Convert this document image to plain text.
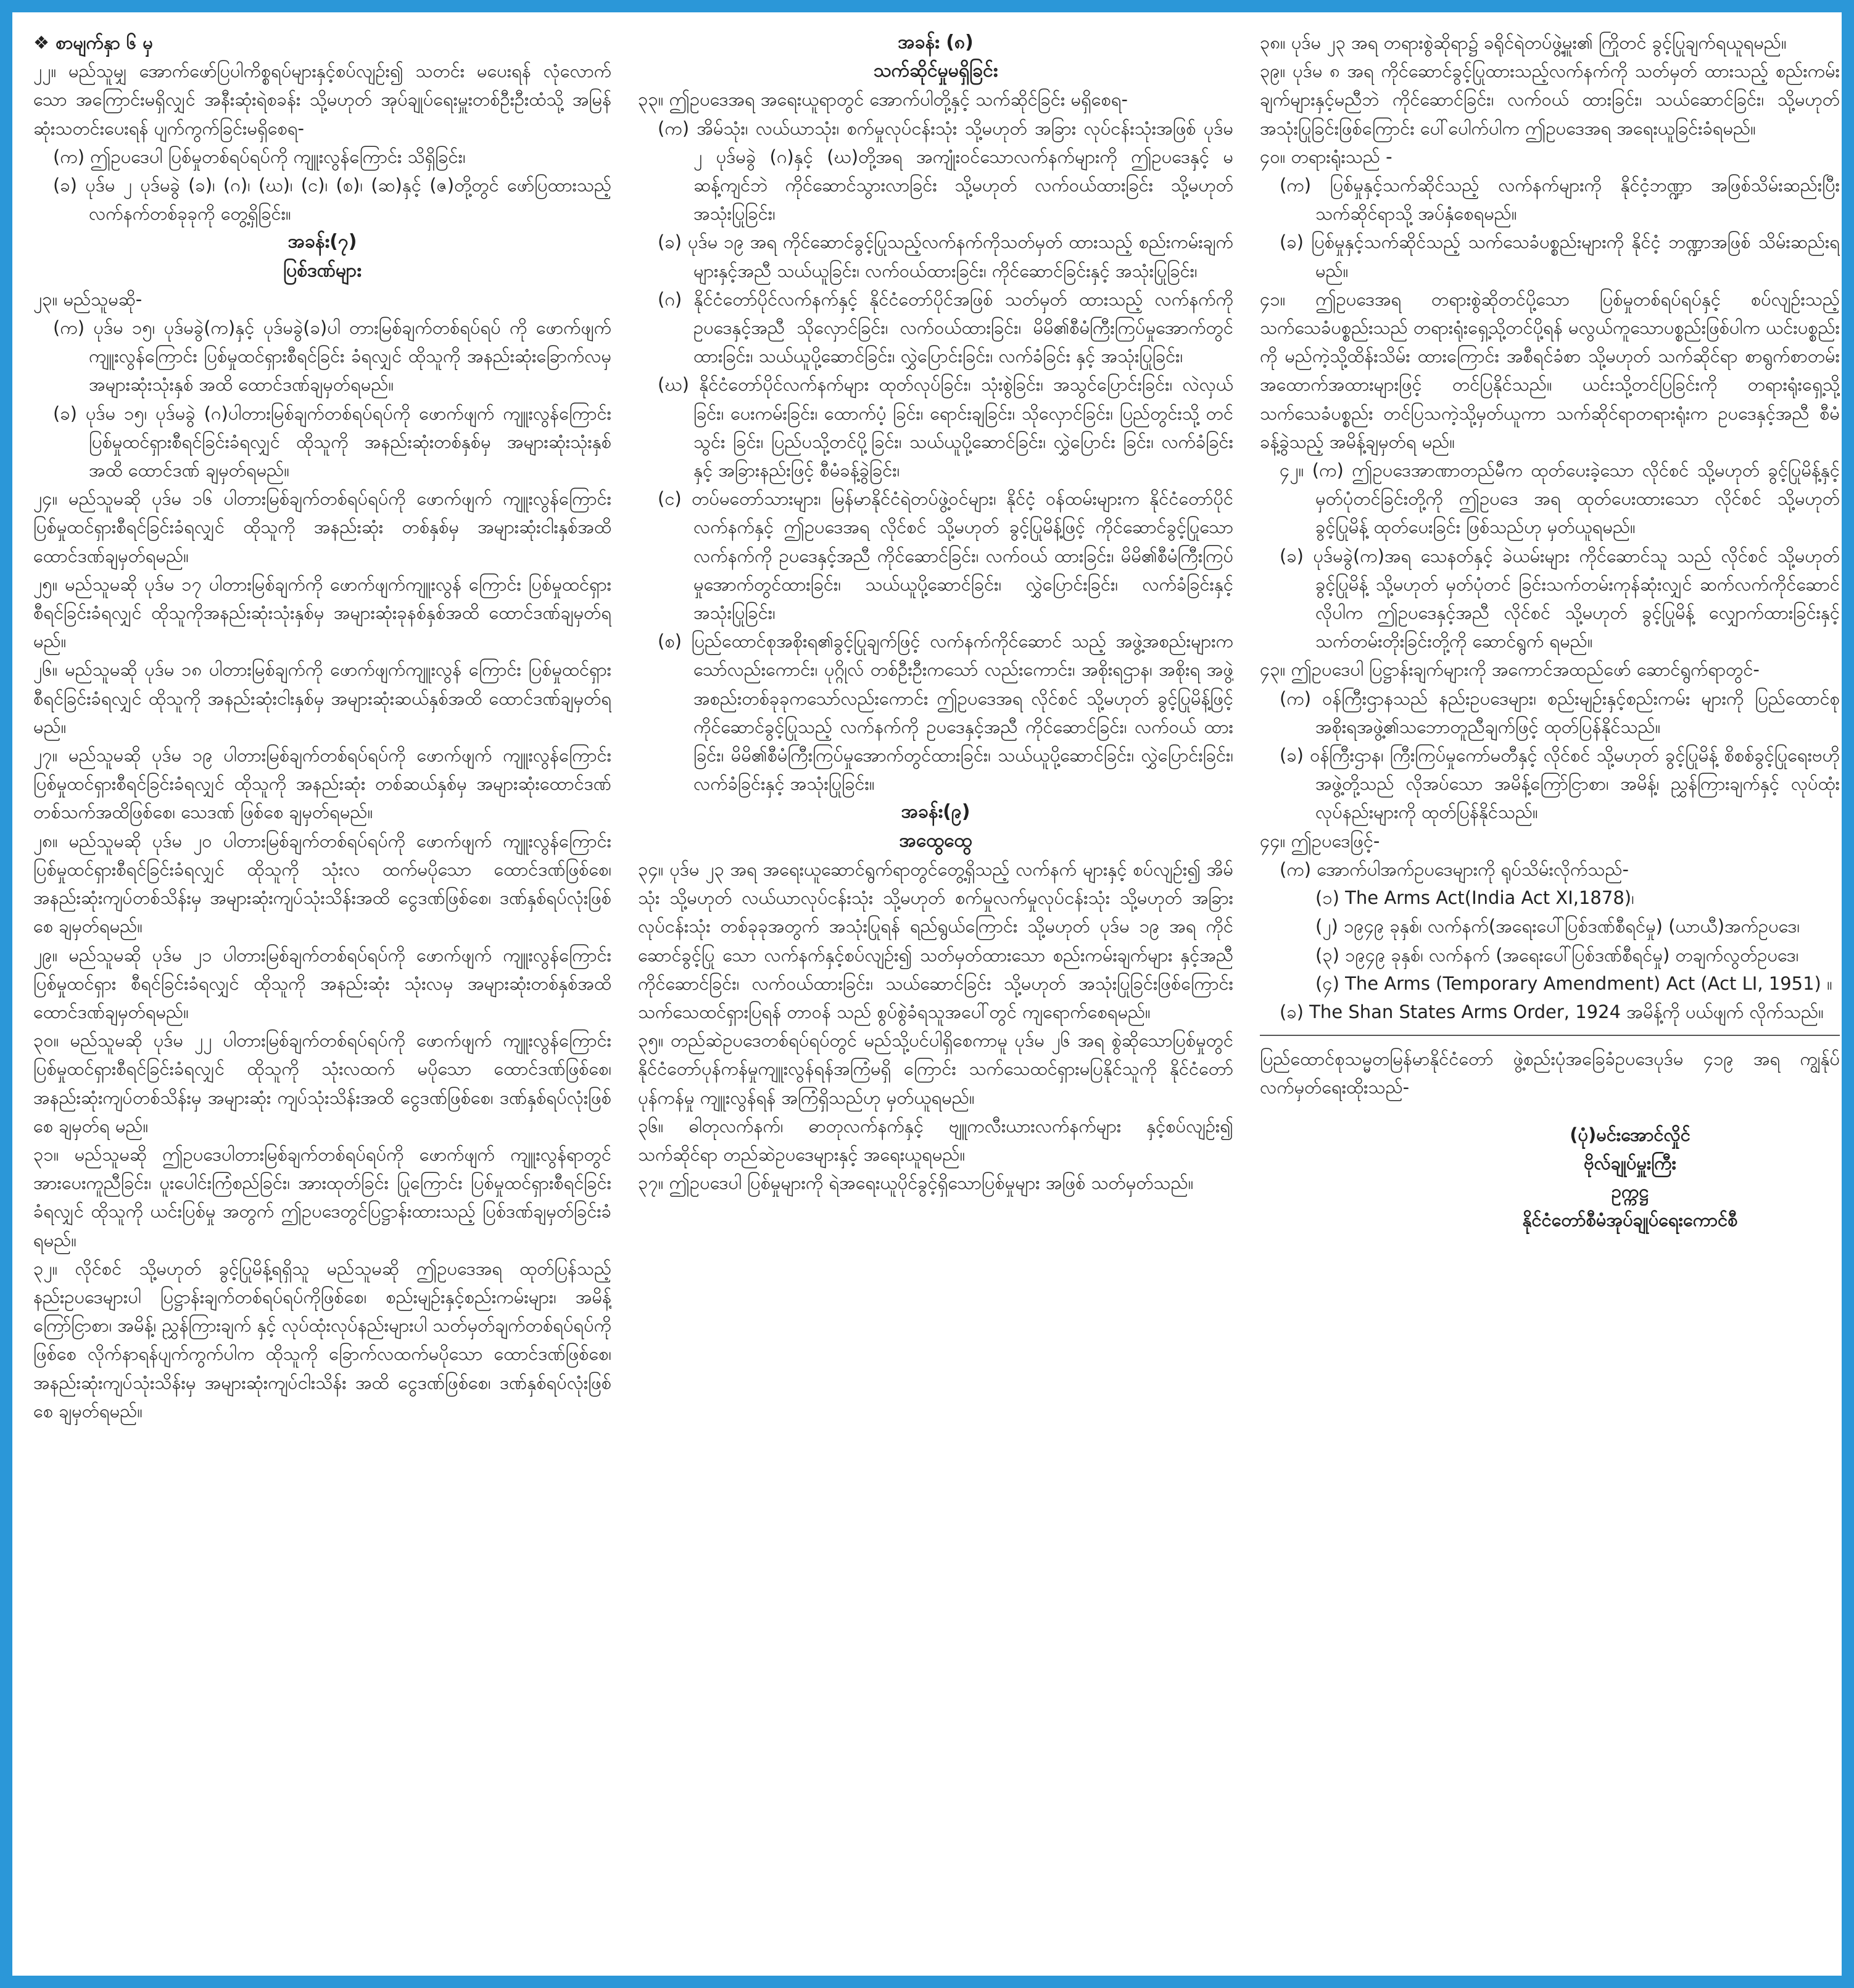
❖ စာမျက်နှာ ၆ မှ

၂၂။ မည်သူမျှ အောက်ဖော်ပြပါကိစ္စရပ်များနှင့်စပ်လျဉ်း၍ သတင်း မပေးရန် လုံလောက်သော အကြောင်းမရှိလျှင် အနီးဆုံးရဲစခန်း သို့မဟုတ် အုပ်ချုပ်ရေးမှူးတစ်ဦးဦးထံသို့ အမြန်ဆုံးသတင်းပေးရန် ပျက်ကွက်ခြင်းမရှိစေရ-

(က) ဤဥပဒေပါ ပြစ်မှုတစ်ရပ်ရပ်ကို ကျူးလွန်ကြောင်း သိရှိခြင်း၊

(ခ) ပုဒ်မ ၂ ပုဒ်မခွဲ (ခ)၊ (ဂ)၊ (ဃ)၊ (င)၊ (စ)၊ (ဆ)နှင့် (ဇ)တို့တွင် ဖော်ပြထားသည့် လက်နက်တစ်ခုခုကို တွေ့ရှိခြင်း။

အခန်း(၇)

ပြစ်ဒဏ်များ

၂၃။ မည်သူမဆို-

(က) ပုဒ်မ ၁၅၊ ပုဒ်မခွဲ(က)နှင့် ပုဒ်မခွဲ(ခ)ပါ တားမြစ်ချက်တစ်ရပ်ရပ် ကို ဖောက်ဖျက် ကျူးလွန်ကြောင်း ပြစ်မှုထင်ရှားစီရင်ခြင်း ခံရလျှင် ထိုသူကို အနည်းဆုံးခြောက်လမှ အများဆုံးသုံးနှစ် အထိ ထောင်ဒဏ်ချမှတ်ရမည်။

(ခ) ပုဒ်မ ၁၅၊ ပုဒ်မခွဲ (ဂ)ပါတားမြစ်ချက်တစ်ရပ်ရပ်ကို ဖောက်ဖျက် ကျူးလွန်ကြောင်း ပြစ်မှုထင်ရှားစီရင်ခြင်းခံရလျှင် ထိုသူကို အနည်းဆုံးတစ်နှစ်မှ အများဆုံးသုံးနှစ်အထိ ထောင်ဒဏ် ချမှတ်ရမည်။

၂၄။ မည်သူမဆို ပုဒ်မ ၁၆ ပါတားမြစ်ချက်တစ်ရပ်ရပ်ကို ဖောက်ဖျက် ကျူးလွန်ကြောင်း ပြစ်မှုထင်ရှားစီရင်ခြင်းခံရလျှင် ထိုသူကို အနည်းဆုံး တစ်နှစ်မှ အများဆုံးငါးနှစ်အထိ ထောင်ဒဏ်ချမှတ်ရမည်။

၂၅။ မည်သူမဆို ပုဒ်မ ၁၇ ပါတားမြစ်ချက်ကို ဖောက်ဖျက်ကျူးလွန် ကြောင်း ပြစ်မှုထင်ရှားစီရင်ခြင်းခံရလျှင် ထိုသူကိုအနည်းဆုံးသုံးနှစ်မှ အများဆုံးခုနစ်နှစ်အထိ ထောင်ဒဏ်ချမှတ်ရမည်။

၂၆။ မည်သူမဆို ပုဒ်မ ၁၈ ပါတားမြစ်ချက်ကို ဖောက်ဖျက်ကျူးလွန် ကြောင်း ပြစ်မှုထင်ရှားစီရင်ခြင်းခံရလျှင် ထိုသူကို အနည်းဆုံးငါးနှစ်မှ အများဆုံးဆယ်နှစ်အထိ ထောင်ဒဏ်ချမှတ်ရမည်။

၂၇။ မည်သူမဆို ပုဒ်မ ၁၉ ပါတားမြစ်ချက်တစ်ရပ်ရပ်ကို ဖောက်ဖျက် ကျူးလွန်ကြောင်း ပြစ်မှုထင်ရှားစီရင်ခြင်းခံရလျှင် ထိုသူကို အနည်းဆုံး တစ်ဆယ်နှစ်မှ အများဆုံးထောင်ဒဏ်တစ်သက်အထိဖြစ်စေ၊ သေဒဏ် ဖြစ်စေ ချမှတ်ရမည်။

၂၈။ မည်သူမဆို ပုဒ်မ ၂၀ ပါတားမြစ်ချက်တစ်ရပ်ရပ်ကို ဖောက်ဖျက် ကျူးလွန်ကြောင်း ပြစ်မှုထင်ရှားစီရင်ခြင်းခံရလျှင် ထိုသူကို သုံးလ ထက်မပိုသော ထောင်ဒဏ်ဖြစ်စေ၊ အနည်းဆုံးကျပ်တစ်သိန်းမှ အများဆုံးကျပ်သုံးသိန်းအထိ ငွေဒဏ်ဖြစ်စေ၊ ဒဏ်နှစ်ရပ်လုံးဖြစ်စေ ချမှတ်ရမည်။

၂၉။ မည်သူမဆို ပုဒ်မ ၂၁ ပါတားမြစ်ချက်တစ်ရပ်ရပ်ကို ဖောက်ဖျက် ကျူးလွန်ကြောင်း ပြစ်မှုထင်ရှား စီရင်ခြင်းခံရလျှင် ထိုသူကို အနည်းဆုံး သုံးလမှ အများဆုံးတစ်နှစ်အထိ ထောင်ဒဏ်ချမှတ်ရမည်။

၃၀။ မည်သူမဆို ပုဒ်မ ၂၂ ပါတားမြစ်ချက်တစ်ရပ်ရပ်ကို ဖောက်ဖျက် ကျူးလွန်ကြောင်း ပြစ်မှုထင်ရှားစီရင်ခြင်းခံရလျှင် ထိုသူကို သုံးလထက် မပိုသော ထောင်ဒဏ်ဖြစ်စေ၊ အနည်းဆုံးကျပ်တစ်သိန်းမှ အများဆုံး ကျပ်သုံးသိန်းအထိ ငွေဒဏ်ဖြစ်စေ၊ ဒဏ်နှစ်ရပ်လုံးဖြစ်စေ ချမှတ်ရ မည်။

၃၁။ မည်သူမဆို ဤဥပဒေပါတားမြစ်ချက်တစ်ရပ်ရပ်ကို ဖောက်ဖျက် ကျူးလွန်ရာတွင် အားပေးကူညီခြင်း၊ ပူးပေါင်းကြံစည်ခြင်း၊ အားထုတ်ခြင်း ပြုကြောင်း ပြစ်မှုထင်ရှားစီရင်ခြင်းခံရလျှင် ထိုသူကို ယင်းပြစ်မှု အတွက် ဤဥပဒေတွင်ပြဋ္ဌာန်းထားသည့် ပြစ်ဒဏ်ချမှတ်ခြင်းခံရမည်။

၃၂။ လိုင်စင် သို့မဟုတ် ခွင့်ပြုမိန့်ရရှိသူ မည်သူမဆို ဤဥပဒေအရ ထုတ်ပြန်သည့် နည်းဥပဒေများပါ ပြဋ္ဌာန်းချက်တစ်ရပ်ရပ်ကိုဖြစ်စေ၊ စည်းမျဉ်းနှင့်စည်းကမ်းများ၊ အမိန့်ကြော်ငြာစာ၊ အမိန့်၊ ညွှန်ကြားချက် နှင့် လုပ်ထုံးလုပ်နည်းများပါ သတ်မှတ်ချက်တစ်ရပ်ရပ်ကိုဖြစ်စေ လိုက်နာရန်ပျက်ကွက်ပါက ထိုသူကို ခြောက်လထက်မပိုသော ထောင်ဒဏ်ဖြစ်စေ၊ အနည်းဆုံးကျပ်သုံးသိန်းမှ အများဆုံးကျပ်ငါးသိန်း အထိ ငွေဒဏ်ဖြစ်စေ၊ ဒဏ်နှစ်ရပ်လုံးဖြစ်စေ ချမှတ်ရမည်။

အခန်း (၈)

သက်ဆိုင်မှုမရှိခြင်း

၃၃။ ဤဥပဒေအရ အရေးယူရာတွင် အောက်ပါတို့နှင့် သက်ဆိုင်ခြင်း မရှိစေရ-

(က) အိမ်သုံး၊ လယ်ယာသုံး၊ စက်မှုလုပ်ငန်းသုံး သို့မဟုတ် အခြား လုပ်ငန်းသုံးအဖြစ် ပုဒ်မ ၂ ပုဒ်မခွဲ (ဂ)နှင့် (ဃ)တို့အရ အကျုံးဝင်သောလက်နက်များကို ဤဥပဒေနှင့် မဆန့်ကျင်ဘဲ ကိုင်ဆောင်သွားလာခြင်း သို့မဟုတ် လက်ဝယ်ထားခြင်း သို့မဟုတ် အသုံးပြုခြင်း၊

(ခ) ပုဒ်မ ၁၉ အရ ကိုင်ဆောင်ခွင့်ပြုသည့်လက်နက်ကိုသတ်မှတ် ထားသည့် စည်းကမ်းချက်များနှင့်အညီ သယ်ယူခြင်း၊ လက်ဝယ်ထားခြင်း၊ ကိုင်ဆောင်ခြင်းနှင့် အသုံးပြုခြင်း၊

(ဂ) နိုင်ငံတော်ပိုင်လက်နက်နှင့် နိုင်ငံတော်ပိုင်အဖြစ် သတ်မှတ် ထားသည့် လက်နက်ကို ဥပဒေနှင့်အညီ သိုလှောင်ခြင်း၊ လက်ဝယ်ထားခြင်း၊ မိမိ၏စီမံကြီးကြပ်မှုအောက်တွင် ထားခြင်း၊ သယ်ယူပို့ဆောင်ခြင်း၊ လွှဲပြောင်းခြင်း၊ လက်ခံခြင်း နှင့် အသုံးပြုခြင်း၊

(ဃ) နိုင်ငံတော်ပိုင်လက်နက်များ ထုတ်လုပ်ခြင်း၊ သုံးစွဲခြင်း၊ အသွင်ပြောင်းခြင်း၊ လဲလှယ်ခြင်း၊ ပေးကမ်းခြင်း၊ ထောက်ပံ့ ခြင်း၊ ရောင်းချခြင်း၊ သိုလှောင်ခြင်း၊ ပြည်တွင်းသို့ တင်သွင်း ခြင်း၊ ပြည်ပသို့တင်ပို့ခြင်း၊ သယ်ယူပို့ဆောင်ခြင်း၊ လွှဲပြောင်း ခြင်း၊ လက်ခံခြင်းနှင့် အခြားနည်းဖြင့် စီမံခန့်ခွဲခြင်း၊

(င) တပ်မတော်သားများ၊ မြန်မာနိုင်ငံရဲတပ်ဖွဲ့ဝင်များ၊ နိုင်ငံ့ ဝန်ထမ်းများက နိုင်ငံတော်ပိုင်လက်နက်နှင့် ဤဥပဒေအရ လိုင်စင် သို့မဟုတ် ခွင့်ပြုမိန့်ဖြင့် ကိုင်ဆောင်ခွင့်ပြုသော လက်နက်ကို ဥပဒေနှင့်အညီ ကိုင်ဆောင်ခြင်း၊ လက်ဝယ် ထားခြင်း၊ မိမိ၏စီမံကြီးကြပ်မှုအောက်တွင်ထားခြင်း၊ သယ်ယူပို့ဆောင်ခြင်း၊ လွှဲပြောင်းခြင်း၊ လက်ခံခြင်းနှင့် အသုံးပြုခြင်း၊

(စ) ပြည်ထောင်စုအစိုးရ၏ခွင့်ပြုချက်ဖြင့် လက်နက်ကိုင်ဆောင် သည့် အဖွဲ့အစည်းများကသော်လည်းကောင်း၊ ပုဂ္ဂိုလ် တစ်ဦးဦးကသော် လည်းကောင်း၊ အစိုးရဌာန၊ အစိုးရ အဖွဲ့ အစည်းတစ်ခုခုကသော်လည်းကောင်း ဤဥပဒေအရ လိုင်စင် သို့မဟုတ် ခွင့်ပြုမိန့်ဖြင့် ကိုင်ဆောင်ခွင့်ပြုသည့် လက်နက်ကို ဥပဒေနှင့်အညီ ကိုင်ဆောင်ခြင်း၊ လက်ဝယ် ထားခြင်း၊ မိမိ၏စီမံကြီးကြပ်မှုအောက်တွင်ထားခြင်း၊ သယ်ယူပို့ဆောင်ခြင်း၊ လွှဲပြောင်းခြင်း၊ လက်ခံခြင်းနှင့် အသုံးပြုခြင်း။

အခန်း(၉)

အထွေထွေ

၃၄။ ပုဒ်မ ၂၃ အရ အရေးယူဆောင်ရွက်ရာတွင်တွေ့ရှိသည့် လက်နက် များနှင့် စပ်လျဉ်း၍ အိမ်သုံး သို့မဟုတ် လယ်ယာလုပ်ငန်းသုံး သို့မဟုတ် စက်မှုလက်မှုလုပ်ငန်းသုံး သို့မဟုတ် အခြားလုပ်ငန်းသုံး တစ်ခုခုအတွက် အသုံးပြုရန် ရည်ရွယ်ကြောင်း သို့မဟုတ် ပုဒ်မ ၁၉ အရ ကိုင်ဆောင်ခွင့်ပြု သော လက်နက်နှင့်စပ်လျဉ်း၍ သတ်မှတ်ထားသော စည်းကမ်းချက်များ နှင့်အညီ ကိုင်ဆောင်ခြင်း၊ လက်ဝယ်ထားခြင်း၊ သယ်ဆောင်ခြင်း သို့မဟုတ် အသုံးပြုခြင်းဖြစ်ကြောင်း သက်သေထင်ရှားပြရန် တာဝန် သည် စွပ်စွဲခံရသူအပေါ်တွင် ကျရောက်စေရမည်။

၃၅။ တည်ဆဲဥပဒေတစ်ရပ်ရပ်တွင် မည်သို့ပင်ပါရှိစေကာမူ ပုဒ်မ ၂၆ အရ စွဲဆိုသောပြစ်မှုတွင် နိုင်ငံတော်ပုန်ကန်မှုကျူးလွန်ရန်အကြံမရှိ ကြောင်း သက်သေထင်ရှားမပြနိုင်သူကို နိုင်ငံတော်ပုန်ကန်မှု ကျူးလွန်ရန် အကြံရှိသည်ဟု မှတ်ယူရမည်။

၃၆။ ဓါတုလက်နက်၊ ဓာတုလက်နက်နှင့် ဗျူကလီးယားလက်နက်များ နှင့်စပ်လျဉ်း၍ သက်ဆိုင်ရာ တည်ဆဲဥပဒေများနှင့် အရေးယူရမည်။

၃၇။ ဤဥပဒေပါ ပြစ်မှုများကို ရဲအရေးယူပိုင်ခွင့်ရှိသောပြစ်မှုများ အဖြစ် သတ်မှတ်သည်။

၃၈။ ပုဒ်မ ၂၃ အရ တရားစွဲဆိုရာ၌ ခရိုင်ရဲတပ်ဖွဲ့မှူး၏ ကြိုတင် ခွင့်ပြုချက်ရယူရမည်။

၃၉။ ပုဒ်မ ၈ အရ ကိုင်ဆောင်ခွင့်ပြုထားသည့်လက်နက်ကို သတ်မှတ် ထားသည့် စည်းကမ်းချက်များနှင့်မညီဘဲ ကိုင်ဆောင်ခြင်း၊ လက်ဝယ် ထားခြင်း၊ သယ်ဆောင်ခြင်း၊ သို့မဟုတ် အသုံးပြုခြင်းဖြစ်ကြောင်း ပေါ်ပေါက်ပါက ဤဥပဒေအရ အရေးယူခြင်းခံရမည်။

၄၀။ တရားရုံးသည် -

(က) ပြစ်မှုနှင့်သက်ဆိုင်သည့် လက်နက်များကို နိုင်ငံ့ဘဏ္ဍာ အဖြစ်သိမ်းဆည်းပြီး သက်ဆိုင်ရာသို့ အပ်နှံစေရမည်။

(ခ) ပြစ်မှုနှင့်သက်ဆိုင်သည့် သက်သေခံပစ္စည်းများကို နိုင်ငံ့ ဘဏ္ဍာအဖြစ် သိမ်းဆည်းရမည်။

၄၁။ ဤဥပဒေအရ တရားစွဲဆိုတင်ပို့သော ပြစ်မှုတစ်ရပ်ရပ်နှင့် စပ်လျဉ်းသည့် သက်သေခံပစ္စည်းသည် တရားရုံးရှေ့သို့တင်ပို့ရန် မလွယ်ကူသောပစ္စည်းဖြစ်ပါက ယင်းပစ္စည်းကို မည်ကဲ့သို့ထိန်းသိမ်း ထားကြောင်း အစီရင်ခံစာ သို့မဟုတ် သက်ဆိုင်ရာ စာရွက်စာတမ်း အထောက်အထားများဖြင့် တင်ပြနိုင်သည်။ ယင်းသို့တင်ပြခြင်းကို တရားရုံးရှေ့သို့ သက်သေခံပစ္စည်း တင်ပြသကဲ့သို့မှတ်ယူကာ သက်ဆိုင်ရာတရားရုံးက ဥပဒေနှင့်အညီ စီမံခန့်ခွဲသည့် အမိန့်ချမှတ်ရ မည်။

၄၂။ (က) ဤဥပဒေအာဏာတည်မီက ထုတ်ပေးခဲ့သော လိုင်စင် သို့မဟုတ် ခွင့်ပြုမိန့်နှင့် မှတ်ပုံတင်ခြင်းတို့ကို ဤဥပဒေ အရ ထုတ်ပေးထားသော လိုင်စင် သို့မဟုတ် ခွင့်ပြုမိန့် ထုတ်ပေးခြင်း ဖြစ်သည်ဟု မှတ်ယူရမည်။

(ခ) ပုဒ်မခွဲ(က)အရ သေနတ်နှင့် ခဲယမ်းများ ကိုင်ဆောင်သူ သည် လိုင်စင် သို့မဟုတ် ခွင့်ပြုမိန့် သို့မဟုတ် မှတ်ပုံတင် ခြင်းသက်တမ်းကုန်ဆုံးလျှင် ဆက်လက်ကိုင်ဆောင် လိုပါက ဤဥပဒေနှင့်အညီ လိုင်စင် သို့မဟုတ် ခွင့်ပြုမိန့် လျှောက်ထားခြင်းနှင့် သက်တမ်းတိုးခြင်းတို့ကို ဆောင်ရွက် ရမည်။

၄၃။ ဤဥပဒေပါ ပြဋ္ဌာန်းချက်များကို အကောင်အထည်ဖော် ဆောင်ရွက်ရာတွင်-

(က) ဝန်ကြီးဌာနသည် နည်းဥပဒေများ၊ စည်းမျဉ်းနှင့်စည်းကမ်း များကို ပြည်ထောင်စုအစိုးရအဖွဲ့၏သဘောတူညီချက်ဖြင့် ထုတ်ပြန်နိုင်သည်။

(ခ) ဝန်ကြီးဌာန၊ ကြီးကြပ်မှုကော်မတီနှင့် လိုင်စင် သို့မဟုတ် ခွင့်ပြုမိန့် စိစစ်ခွင့်ပြုရေးဗဟိုအဖွဲ့တို့သည် လိုအပ်သော အမိန့်ကြော်ငြာစာ၊ အမိန့်၊ ညွှန်ကြားချက်နှင့် လုပ်ထုံး လုပ်နည်းများကို ထုတ်ပြန်နိုင်သည်။

၄၄။ ဤဥပဒေဖြင့်-

(က) အောက်ပါအက်ဥပဒေများကို ရုပ်သိမ်းလိုက်သည်-

(၁) The Arms Act(India Act XI,1878)၊

(၂) ၁၉၄၉ ခုနှစ်၊ လက်နက်(အရေးပေါ်ပြစ်ဒဏ်စီရင်မှု) (ယာယီ)အက်ဥပဒေ၊

(၃) ၁၉၄၉ ခုနှစ်၊ လက်နက် (အရေးပေါ်ပြစ်ဒဏ်စီရင်မှု) တချက်လွတ်ဥပဒေ၊

(၄) The Arms (Temporary Amendment) Act (Act LI, 1951) ။

(ခ) The Shan States Arms Order, 1924 အမိန့်ကို ပယ်ဖျက် လိုက်သည်။

ပြည်ထောင်စုသမ္မတမြန်မာနိုင်ငံတော် ဖွဲ့စည်းပုံအခြေခံဥပဒေပုဒ်မ ၄၁၉ အရ ကျွန်ုပ် လက်မှတ်ရေးထိုးသည်-

(ပုံ)မင်းအောင်လှိုင်

ဗိုလ်ချုပ်မှူးကြီး

ဥက္ကဋ္ဌ

နိုင်ငံတော်စီမံအုပ်ချုပ်ရေးကောင်စီ
